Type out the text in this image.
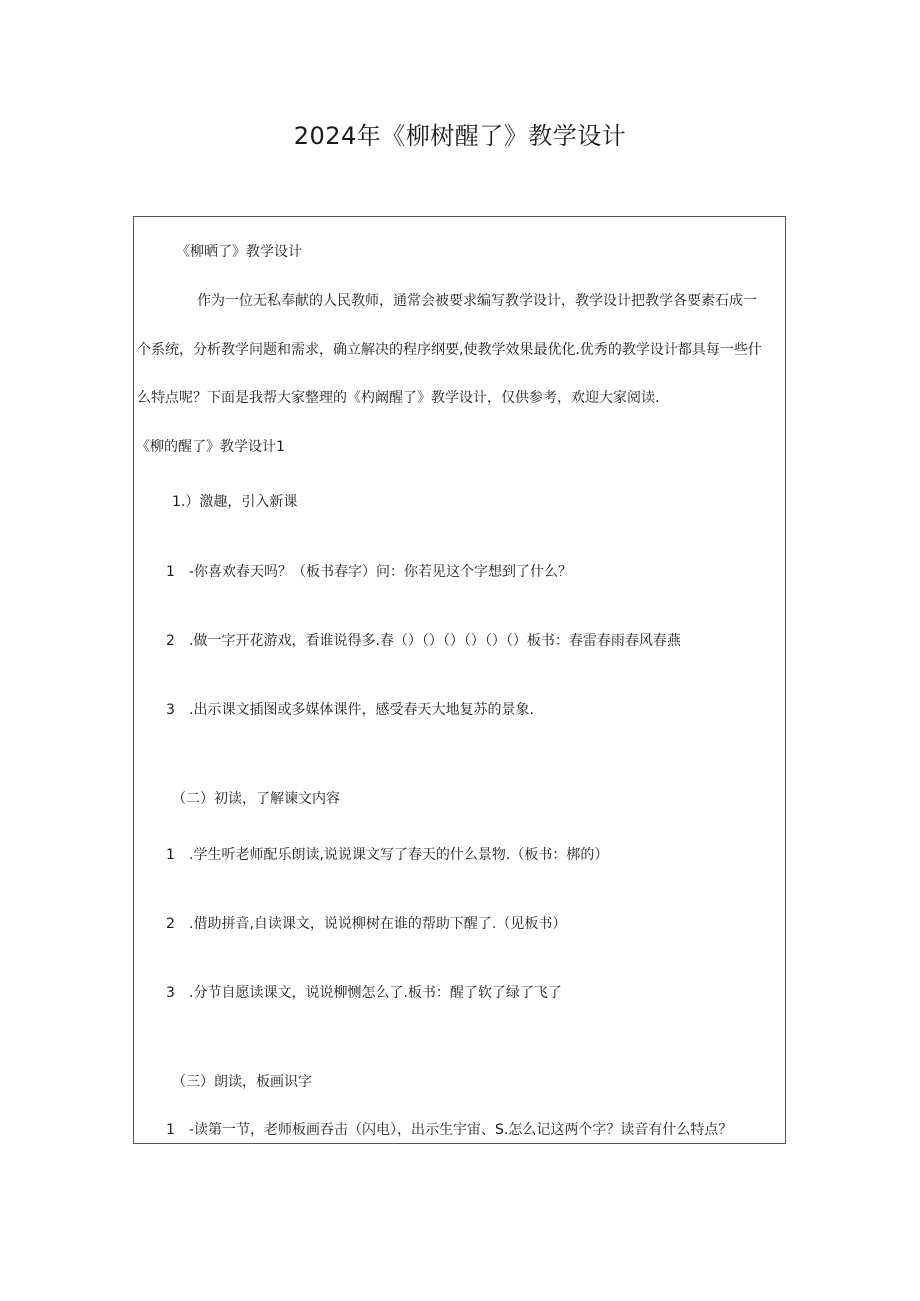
2024年《柳树醒了》教学设计
《柳晒了》教学设计
作为一位无私奉献的人民教师，通常会被要求编写教学设计，教学设计把教学各要素石成一
个系统，分析教学问题和需求，确立解决的程序纲要,使教学效果最优化.优秀的教学设计都具每一些什
么特点呢？下面是我帮大家整理的《杓阚醒了》教学设计，仅供参考，欢迎大家阅读.
《柳的醒了》教学设计1
1.）激趣，引入新课
1 -你喜欢春天吗？（板书春字）问：你若见这个字想到了什么？
2 .做一字开花游戏，看谁说得多.春（）（）（）（）（）（）板书：春雷春雨春风春燕
3 .出示课文插图或多媒体课件，感受春天大地复苏的景象.
（二）初读，了解谏文内容
1 .学生听老师配乐朗读,说说课文写了春天的什么景物.（板书：梆的）
2 .借助拼音,自读课文，说说柳树在谁的帮助下醒了.（见板书）
3 .分节自愿读课文，说说柳恻怎么了.板书：醒了软了绿了飞了
（三）朗读，板画识字
1 -读第一节，老师板画吞击（闪电），出示生宇宙、S.怎么记这两个字？读音有什么特点？
